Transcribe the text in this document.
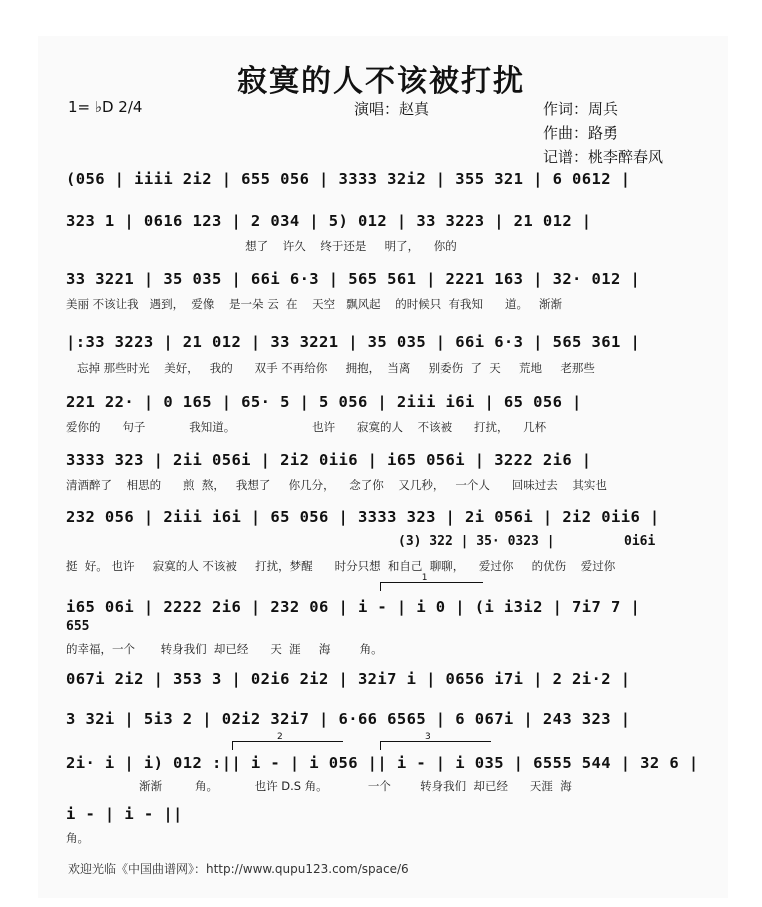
寂寞的人不该被打扰
1= ♭D 2/4	演唱：赵真	作词：周兵
作曲：路勇
记谱：桃李醉春风
(056 | iiii 2i2 | 655 056 | 3333 32i2 | 355 321 | 6 0612 |
323 1 | 0616 123 | 2 034 | 5) 012 | 33 3223 | 21 012 |
想了    许久    终于还是     明了，    你的
33 3221 | 35 035 | 66i 6·3 | 565 561 | 2221 163 | 32· 012 |
美丽 不该让我   遇到，  爱像    是一朵 云  在    天空   飘风起    的时候只  有我知      道。   渐渐
|:33 3223 | 21 012 | 33 3221 | 35 035 | 66i 6·3 | 565 361 |
忘掉 那些时光    美好，   我的      双手 不再给你     拥抱，  当离     别委伤  了  天     荒地     老那些
221 22· | 0 165 | 65· 5 | 5 056 | 2iii i6i | 65 056 |
爱你的      句子            我知道。                     也许      寂寞的人    不该被      打扰，    几杯
3333 323 | 2ii 056i | 2i2 0ii6 | i65 056i | 3222 2i6 |
清酒醉了    相思的      煎  熬，   我想了     你几分，    念了你    又几秒，   一个人      回味过去    其实也
232 056 | 2iii i6i | 65 056 | 3333 323 | 2i 056i | 2i2 0ii6 |
(3) 322 | 35· 0323 |	0i6i
挺  好。 也许     寂寞的人 不该被     打扰，梦醒      时分只想  和自己  聊聊，    爱过你     的优伤    爱过你
1
i65 06i | 2222 2i6 | 232 06 | i - | i 0 | (i i3i2 | 7i7 7 |
655
的幸福，一个       转身我们  却已经      天  涯     海        角。
067i 2i2 | 353 3 | 02i6 2i2 | 32i7 i | 0656 i7i | 2 2i·2 |
3 32i | 5i3 2 | 02i2 32i7 | 6·66 6565 | 6 067i | 243 323 |
2	3
2i· i | i) 012 :|| i - | i 056 || i - | i 035 | 6555 544 | 32 6 |
渐渐         角。          也许 D.S 角。           一个        转身我们  却已经      天涯  海
i - | i - ||
角。
欢迎光临《中国曲谱网》：http://www.qupu123.com/space/6
